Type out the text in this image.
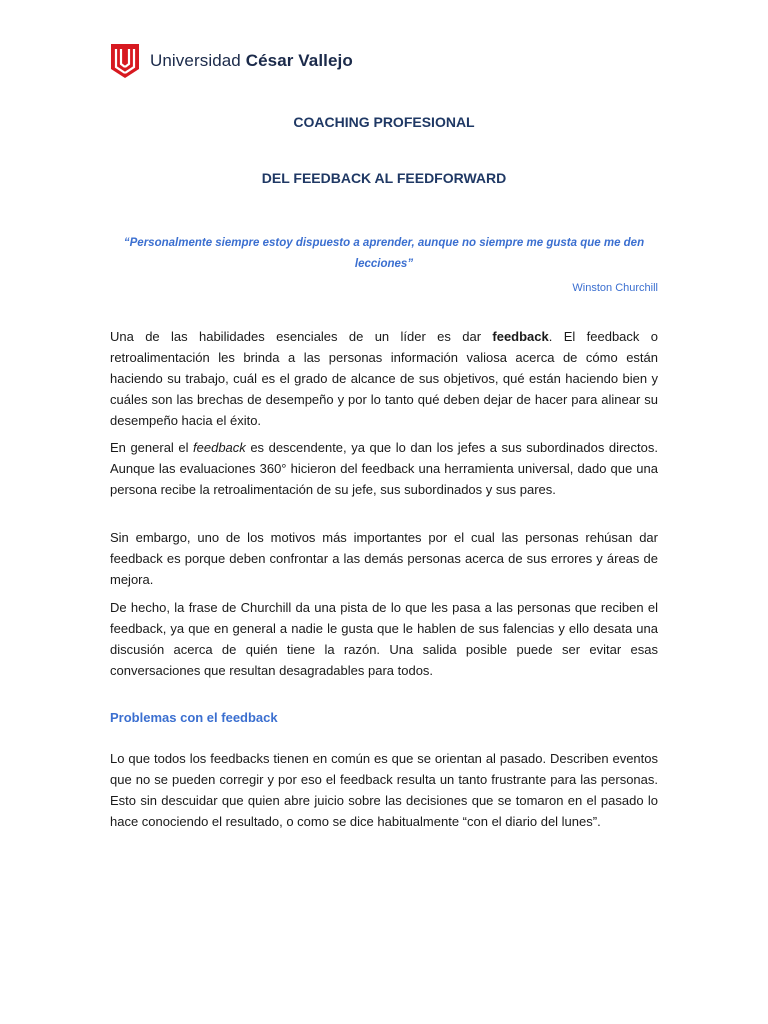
Universidad César Vallejo
COACHING PROFESIONAL
DEL FEEDBACK AL FEEDFORWARD
“Personalmente siempre estoy dispuesto a aprender, aunque no siempre me gusta que me den lecciones”
Winston Churchill

Una de las habilidades esenciales de un líder es dar feedback. El feedback o retroalimentación les brinda a las personas información valiosa acerca de cómo están haciendo su trabajo, cuál es el grado de alcance de sus objetivos, qué están haciendo bien y cuáles son las brechas de desempeño y por lo tanto qué deben dejar de hacer para alinear su desempeño hacia el éxito.

En general el feedback es descendente, ya que lo dan los jefes a sus subordinados directos. Aunque las evaluaciones 360° hicieron del feedback una herramienta universal, dado que una persona recibe la retroalimentación de su jefe, sus subordinados y sus pares.

Sin embargo, uno de los motivos más importantes por el cual las personas rehúsan dar feedback es porque deben confrontar a las demás personas acerca de sus errores y áreas de mejora.

De hecho, la frase de Churchill da una pista de lo que les pasa a las personas que reciben el feedback, ya que en general a nadie le gusta que le hablen de sus falencias y ello desata una discusión acerca de quién tiene la razón. Una salida posible puede ser evitar esas conversaciones que resultan desagradables para todos.

Problemas con el feedback

Lo que todos los feedbacks tienen en común es que se orientan al pasado. Describen eventos que no se pueden corregir y por eso el feedback resulta un tanto frustrante para las personas. Esto sin descuidar que quien abre juicio sobre las decisiones que se tomaron en el pasado lo hace conociendo el resultado, o como se dice habitualmente “con el diario del lunes”.
